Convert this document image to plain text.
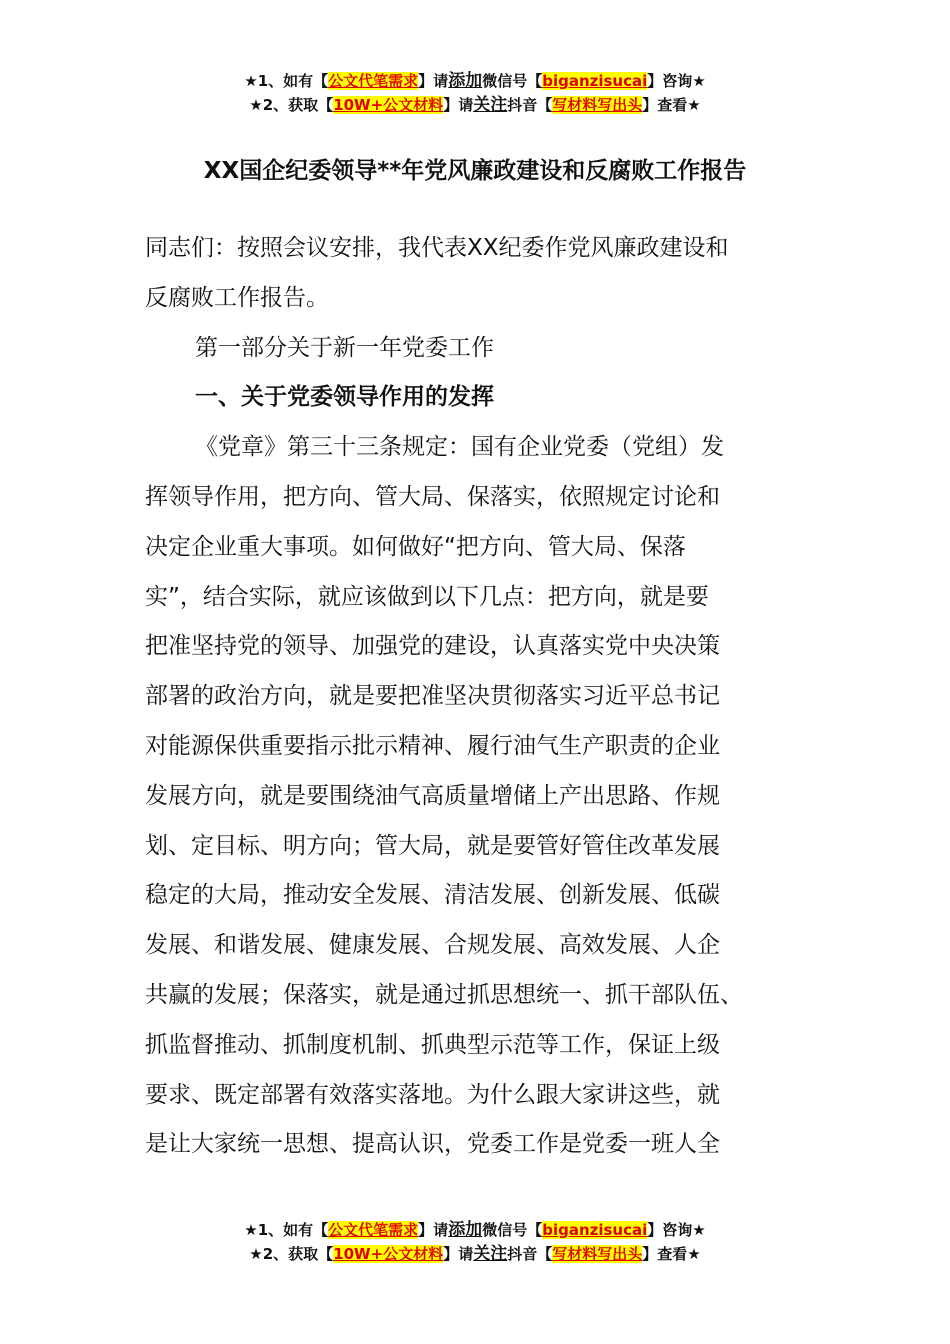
★1、如有【公文代笔需求】请添加微信号【biganzisucai】咨询★
★2、获取【10W+公文材料】请关注抖音【写材料写出头】查看★
XX国企纪委领导**年党风廉政建设和反腐败工作报告
同志们：按照会议安排，我代表XX纪委作党风廉政建设和
反腐败工作报告。
第一部分关于新一年党委工作
一、关于党委领导作用的发挥
《党章》第三十三条规定：国有企业党委（党组）发
挥领导作用，把方向、管大局、保落实，依照规定讨论和
决定企业重大事项。如何做好“把方向、管大局、保落
实”，结合实际，就应该做到以下几点：把方向，就是要
把准坚持党的领导、加强党的建设，认真落实党中央决策
部署的政治方向，就是要把准坚决贯彻落实习近平总书记
对能源保供重要指示批示精神、履行油气生产职责的企业
发展方向，就是要围绕油气高质量增储上产出思路、作规
划、定目标、明方向；管大局，就是要管好管住改革发展
稳定的大局，推动安全发展、清洁发展、创新发展、低碳
发展、和谐发展、健康发展、合规发展、高效发展、人企
共赢的发展；保落实，就是通过抓思想统一、抓干部队伍、
抓监督推动、抓制度机制、抓典型示范等工作，保证上级
要求、既定部署有效落实落地。为什么跟大家讲这些，就
是让大家统一思想、提高认识，党委工作是党委一班人全
★1、如有【公文代笔需求】请添加微信号【biganzisucai】咨询★
★2、获取【10W+公文材料】请关注抖音【写材料写出头】查看★
